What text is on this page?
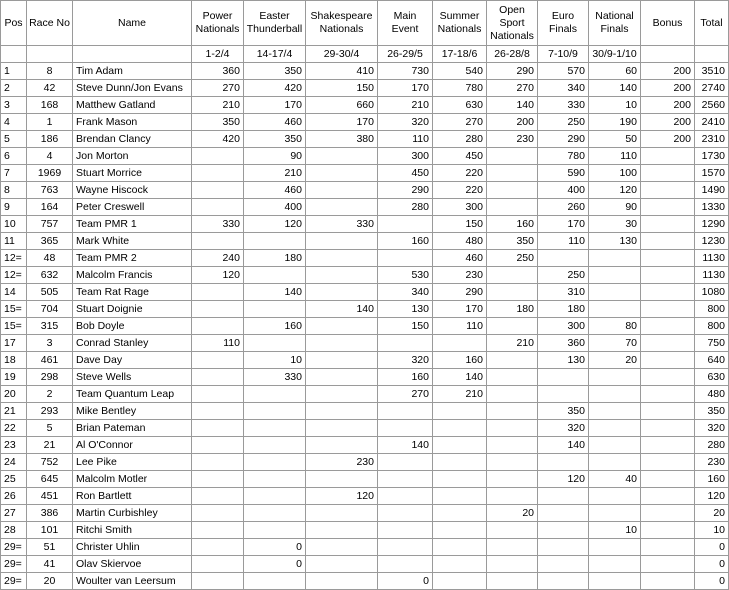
Pos	Race No	Name	Power Nationals	Easter Thunderball	Shakespeare Nationals	Main Event	Summer Nationals	Open Sport Nationals	Euro Finals	National Finals	Bonus	Total
			1-2/4	14-17/4	29-30/4	26-29/5	17-18/6	26-28/8	7-10/9	30/9-1/10		
1	8	Tim Adam	360	350	410	730	540	290	570	60	200	3510
2	42	Steve Dunn/Jon Evans	270	420	150	170	780	270	340	140	200	2740
3	168	Matthew Gatland	210	170	660	210	630	140	330	10	200	2560
4	1	Frank Mason	350	460	170	320	270	200	250	190	200	2410
5	186	Brendan Clancy	420	350	380	110	280	230	290	50	200	2310
6	4	Jon Morton		90		300	450		780	110		1730
7	1969	Stuart Morrice		210		450	220		590	100		1570
8	763	Wayne Hiscock		460		290	220		400	120		1490
9	164	Peter Creswell		400		280	300		260	90		1330
10	757	Team PMR 1	330	120	330		150	160	170	30		1290
11	365	Mark White				160	480	350	110	130		1230
12=	48	Team PMR 2	240	180			460	250				1130
12=	632	Malcolm Francis	120			530	230		250			1130
14	505	Team Rat Rage		140		340	290		310			1080
15=	704	Stuart Doignie			140	130	170	180	180			800
15=	315	Bob Doyle		160		150	110		300	80		800
17	3	Conrad Stanley	110					210	360	70		750
18	461	Dave Day		10		320	160		130	20		640
19	298	Steve Wells		330		160	140					630
20	2	Team Quantum Leap				270	210					480
21	293	Mike Bentley							350			350
22	5	Brian Pateman							320			320
23	21	Al O'Connor				140			140			280
24	752	Lee Pike			230							230
25	645	Malcolm Motler							120	40		160
26	451	Ron Bartlett			120							120
27	386	Martin Curbishley						20				20
28	101	Ritchi Smith								10		10
29=	51	Christer Uhlin		0								0
29=	41	Olav Skiervoe		0								0
29=	20	Woulter van Leersum				0						0
